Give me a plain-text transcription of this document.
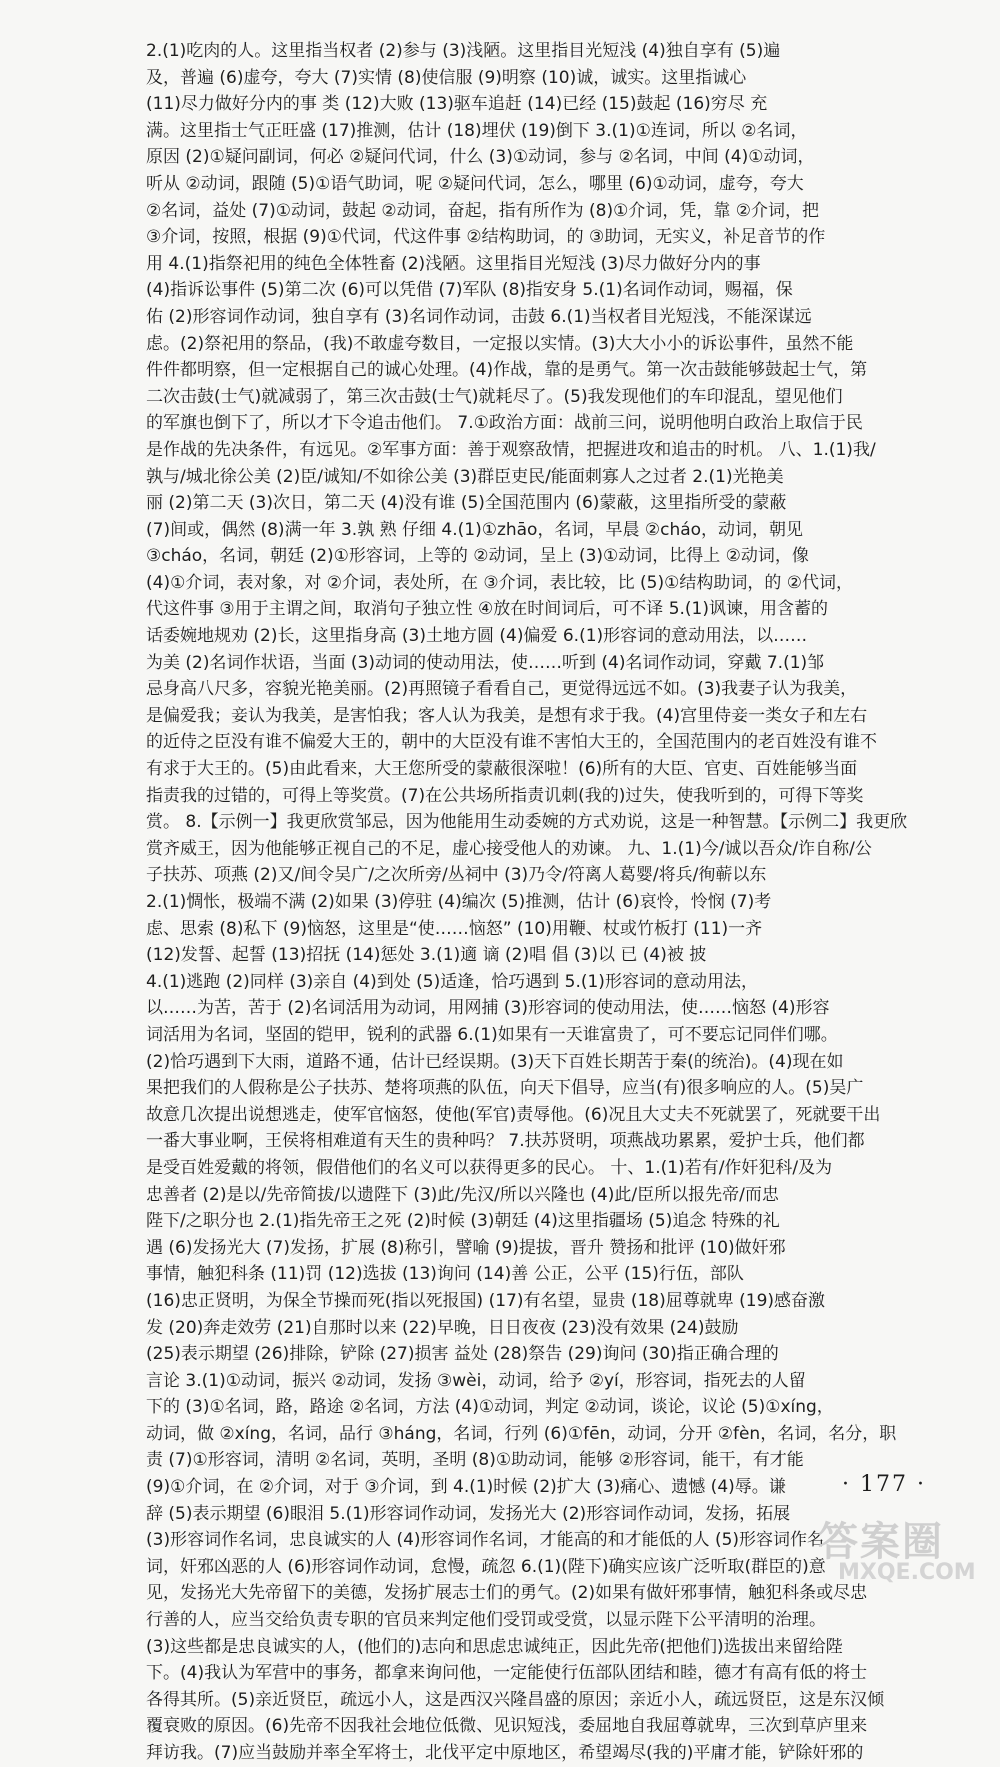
2.(1)吃肉的人。这里指当权者 (2)参与 (3)浅陋。这里指目光短浅 (4)独自享有 (5)遍
及，普遍 (6)虚夸，夸大 (7)实情 (8)使信服 (9)明察 (10)诚，诚实。这里指诚心
(11)尽力做好分内的事 类 (12)大败 (13)驱车追赶 (14)已经 (15)鼓起 (16)穷尽 充
满。这里指士气正旺盛 (17)推测，估计 (18)埋伏 (19)倒下 3.(1)①连词，所以 ②名词，
原因 (2)①疑问副词，何必 ②疑问代词，什么 (3)①动词，参与 ②名词，中间 (4)①动词，
听从 ②动词，跟随 (5)①语气助词，呢 ②疑问代词，怎么，哪里 (6)①动词，虚夸，夸大
②名词，益处 (7)①动词，鼓起 ②动词，奋起，指有所作为 (8)①介词，凭，靠 ②介词，把
③介词，按照，根据 (9)①代词，代这件事 ②结构助词，的 ③助词，无实义，补足音节的作
用 4.(1)指祭祀用的纯色全体牲畜 (2)浅陋。这里指目光短浅 (3)尽力做好分内的事
(4)指诉讼事件 (5)第二次 (6)可以凭借 (7)军队 (8)指安身 5.(1)名词作动词，赐福，保
佑 (2)形容词作动词，独自享有 (3)名词作动词，击鼓 6.(1)当权者目光短浅，不能深谋远
虑。(2)祭祀用的祭品，(我)不敢虚夸数目，一定报以实情。(3)大大小小的诉讼事件，虽然不能
件件都明察，但一定根据自己的诚心处理。(4)作战，靠的是勇气。第一次击鼓能够鼓起士气，第
二次击鼓(士气)就减弱了，第三次击鼓(士气)就耗尽了。(5)我发现他们的车印混乱，望见他们
的军旗也倒下了，所以才下令追击他们。 7.①政治方面：战前三问，说明他明白政治上取信于民
是作战的先决条件，有远见。②军事方面：善于观察敌情，把握进攻和追击的时机。 八、1.(1)我/
孰与/城北徐公美 (2)臣/诚知/不如徐公美 (3)群臣吏民/能面刺寡人之过者 2.(1)光艳美
丽 (2)第二天 (3)次日，第二天 (4)没有谁 (5)全国范围内 (6)蒙蔽，这里指所受的蒙蔽
(7)间或，偶然 (8)满一年 3.孰 熟 仔细 4.(1)①zhāo，名词，早晨 ②cháo，动词，朝见
③cháo，名词，朝廷 (2)①形容词，上等的 ②动词，呈上 (3)①动词，比得上 ②动词，像
(4)①介词，表对象，对 ②介词，表处所，在 ③介词，表比较，比 (5)①结构助词，的 ②代词，
代这件事 ③用于主谓之间，取消句子独立性 ④放在时间词后，可不译 5.(1)讽谏，用含蓄的
话委婉地规劝 (2)长，这里指身高 (3)土地方圆 (4)偏爱 6.(1)形容词的意动用法，以……
为美 (2)名词作状语，当面 (3)动词的使动用法，使……听到 (4)名词作动词，穿戴 7.(1)邹
忌身高八尺多，容貌光艳美丽。(2)再照镜子看看自己，更觉得远远不如。(3)我妻子认为我美，
是偏爱我；妾认为我美，是害怕我；客人认为我美，是想有求于我。(4)宫里侍妾一类女子和左右
的近侍之臣没有谁不偏爱大王的，朝中的大臣没有谁不害怕大王的，全国范围内的老百姓没有谁不
有求于大王的。(5)由此看来，大王您所受的蒙蔽很深啦！(6)所有的大臣、官吏、百姓能够当面
指责我的过错的，可得上等奖赏。(7)在公共场所指责讥刺(我的)过失，使我听到的，可得下等奖
赏。 8.【示例一】我更欣赏邹忌，因为他能用生动委婉的方式劝说，这是一种智慧。【示例二】我更欣
赏齐威王，因为他能够正视自己的不足，虚心接受他人的劝谏。 九、1.(1)今/诚以吾众/诈自称/公
子扶苏、项燕 (2)又/间令吴广/之次所旁/丛祠中 (3)乃令/符离人葛婴/将兵/徇蕲以东
2.(1)惆怅，极端不满 (2)如果 (3)停驻 (4)编次 (5)推测，估计 (6)哀怜，怜悯 (7)考
虑、思索 (8)私下 (9)恼怒，这里是“使……恼怒” (10)用鞭、杖或竹板打 (11)一齐
(12)发誓、起誓 (13)招抚 (14)惩处 3.(1)適 谪 (2)唱 倡 (3)以 已 (4)被 披
4.(1)逃跑 (2)同样 (3)亲自 (4)到处 (5)适逢，恰巧遇到 5.(1)形容词的意动用法，
以……为苦，苦于 (2)名词活用为动词，用网捕 (3)形容词的使动用法，使……恼怒 (4)形容
词活用为名词，坚固的铠甲，锐利的武器 6.(1)如果有一天谁富贵了，可不要忘记同伴们哪。
(2)恰巧遇到下大雨，道路不通，估计已经误期。(3)天下百姓长期苦于秦(的统治)。(4)现在如
果把我们的人假称是公子扶苏、楚将项燕的队伍，向天下倡导，应当(有)很多响应的人。(5)吴广
故意几次提出说想逃走，使军官恼怒，使他(军官)责辱他。(6)况且大丈夫不死就罢了，死就要干出
一番大事业啊，王侯将相难道有天生的贵种吗？ 7.扶苏贤明，项燕战功累累，爱护士兵，他们都
是受百姓爱戴的将领，假借他们的名义可以获得更多的民心。 十、1.(1)若有/作奸犯科/及为
忠善者 (2)是以/先帝简拔/以遗陛下 (3)此/先汉/所以兴隆也 (4)此/臣所以报先帝/而忠
陛下/之职分也 2.(1)指先帝王之死 (2)时候 (3)朝廷 (4)这里指疆场 (5)追念 特殊的礼
遇 (6)发扬光大 (7)发扬，扩展 (8)称引，譬喻 (9)提拔，晋升 赞扬和批评 (10)做奸邪
事情，触犯科条 (11)罚 (12)选拔 (13)询问 (14)善 公正，公平 (15)行伍，部队
(16)忠正贤明，为保全节操而死(指以死报国) (17)有名望，显贵 (18)屈尊就卑 (19)感奋激
发 (20)奔走效劳 (21)自那时以来 (22)早晚，日日夜夜 (23)没有效果 (24)鼓励
(25)表示期望 (26)排除，铲除 (27)损害 益处 (28)祭告 (29)询问 (30)指正确合理的
言论 3.(1)①动词，振兴 ②动词，发扬 ③wèi，动词，给予 ②yí，形容词，指死去的人留
下的 (3)①名词，路，路途 ②名词，方法 (4)①动词，判定 ②动词，谈论，议论 (5)①xíng，
动词，做 ②xíng，名词，品行 ③háng，名词，行列 (6)①fēn，动词，分开 ②fèn，名词，名分，职
责 (7)①形容词，清明 ②名词，英明，圣明 (8)①助动词，能够 ②形容词，能干，有才能
(9)①介词，在 ②介词，对于 ③介词，到 4.(1)时候 (2)扩大 (3)痛心、遗憾 (4)辱。谦
辞 (5)表示期望 (6)眼泪 5.(1)形容词作动词，发扬光大 (2)形容词作动词，发扬，拓展
(3)形容词作名词，忠良诚实的人 (4)形容词作名词，才能高的和才能低的人 (5)形容词作名
词，奸邪凶恶的人 (6)形容词作动词，怠慢，疏忽 6.(1)(陛下)确实应该广泛听取(群臣的)意
见，发扬光大先帝留下的美德，发扬扩展志士们的勇气。(2)如果有做奸邪事情，触犯科条或尽忠
行善的人，应当交给负责专职的官员来判定他们受罚或受赏，以显示陛下公平清明的治理。
(3)这些都是忠良诚实的人，(他们的)志向和思虑忠诚纯正，因此先帝(把他们)选拔出来留给陛
下。(4)我认为军营中的事务，都拿来询问他，一定能使行伍部队团结和睦，德才有高有低的将士
各得其所。(5)亲近贤臣，疏远小人，这是西汉兴隆昌盛的原因；亲近小人，疏远贤臣，这是东汉倾
覆衰败的原因。(6)先帝不因我社会地位低微、见识短浅，委屈地自我屈尊就卑，三次到草庐里来
拜访我。(7)应当鼓励并率全军将士，北伐平定中原地区，希望竭尽(我的)平庸才能，铲除奸邪的
· 177 ·
答案圈
MXQE.COM
